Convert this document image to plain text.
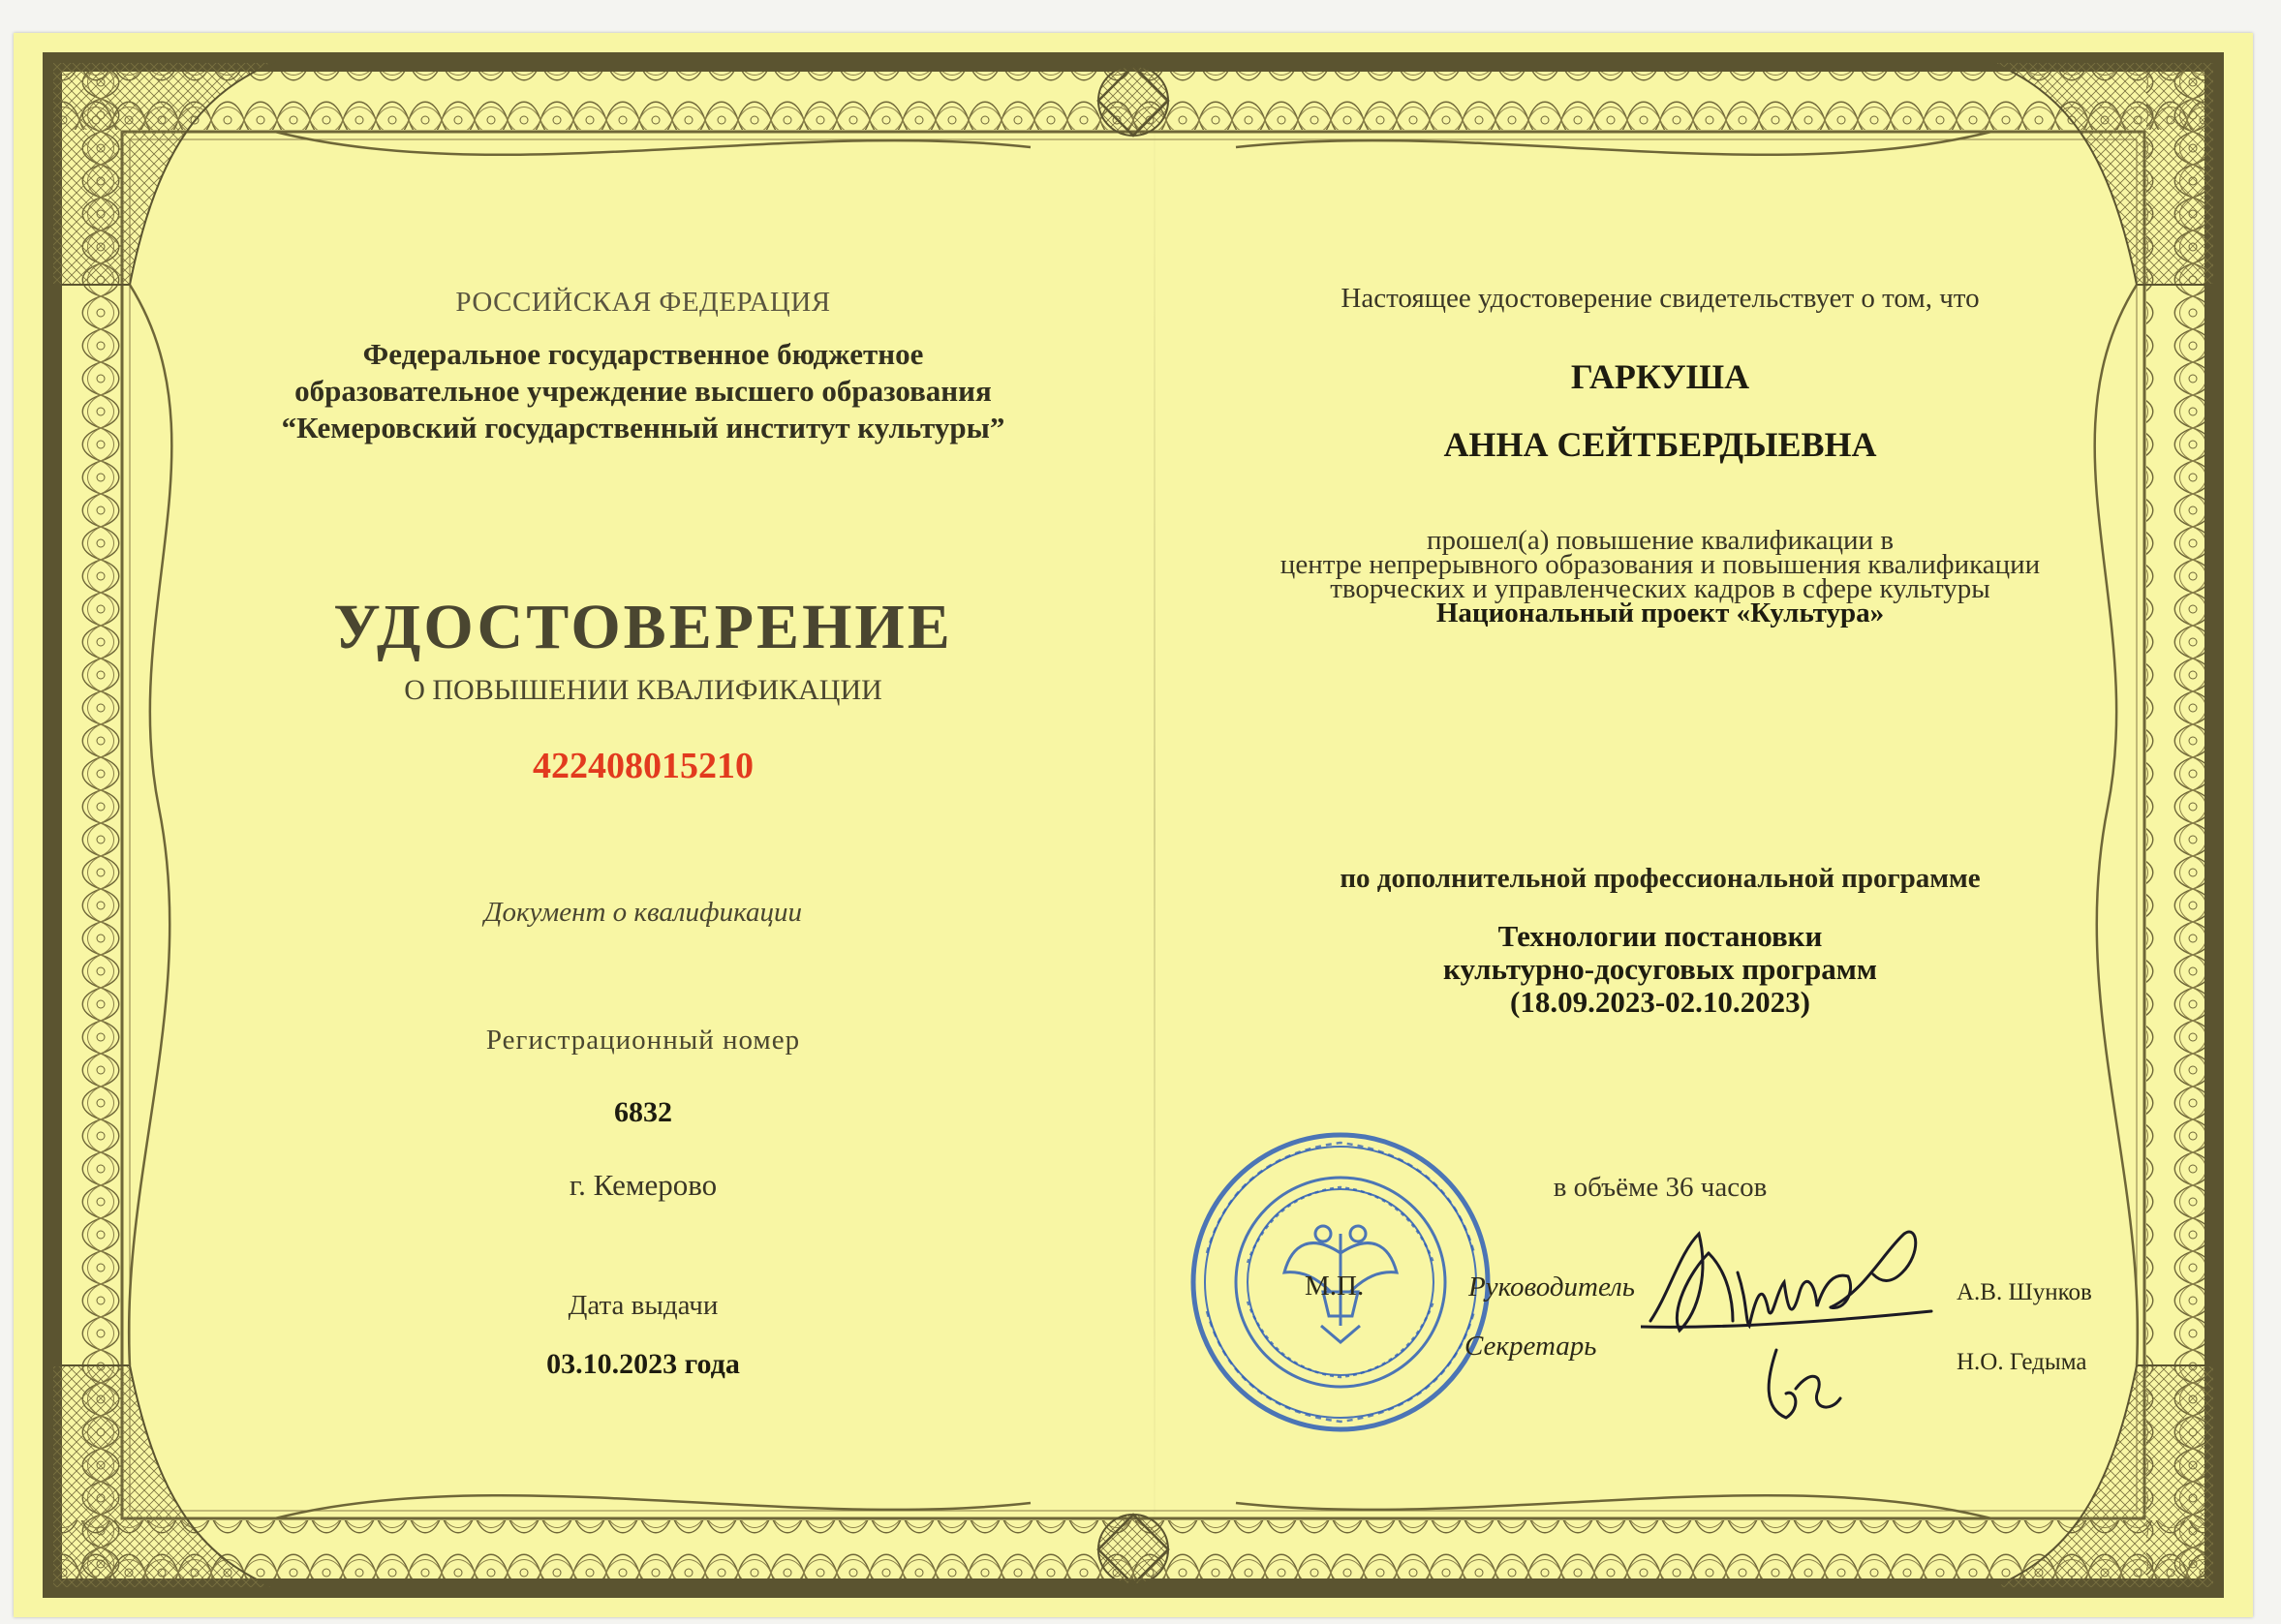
РОССИЙСКАЯ ФЕДЕРАЦИЯ
Федеральное государственное бюджетное
образовательное учреждение высшего образования
“Кемеровский государственный институт культуры”
УДОСТОВЕРЕНИЕ
О ПОВЫШЕНИИ КВАЛИФИКАЦИИ
422408015210
Документ о квалификации
Регистрационный номер
6832
г. Кемерово
Дата выдачи
03.10.2023 года
Настоящее удостоверение свидетельствует о том, что
ГАРКУША
АННА СЕЙТБЕРДЫЕВНА
прошел(а) повышение квалификации в
центре непрерывного образования и повышения квалификации
творческих и управленческих кадров в сфере культуры
Национальный проект «Культура»
по дополнительной профессиональной программе
Технологии постановки
культурно-досуговых программ
(18.09.2023-02.10.2023)
в объёме 36 часов
М.П.	Руководитель
Секретарь
А.В. Шунков
Н.О. Гедыма
